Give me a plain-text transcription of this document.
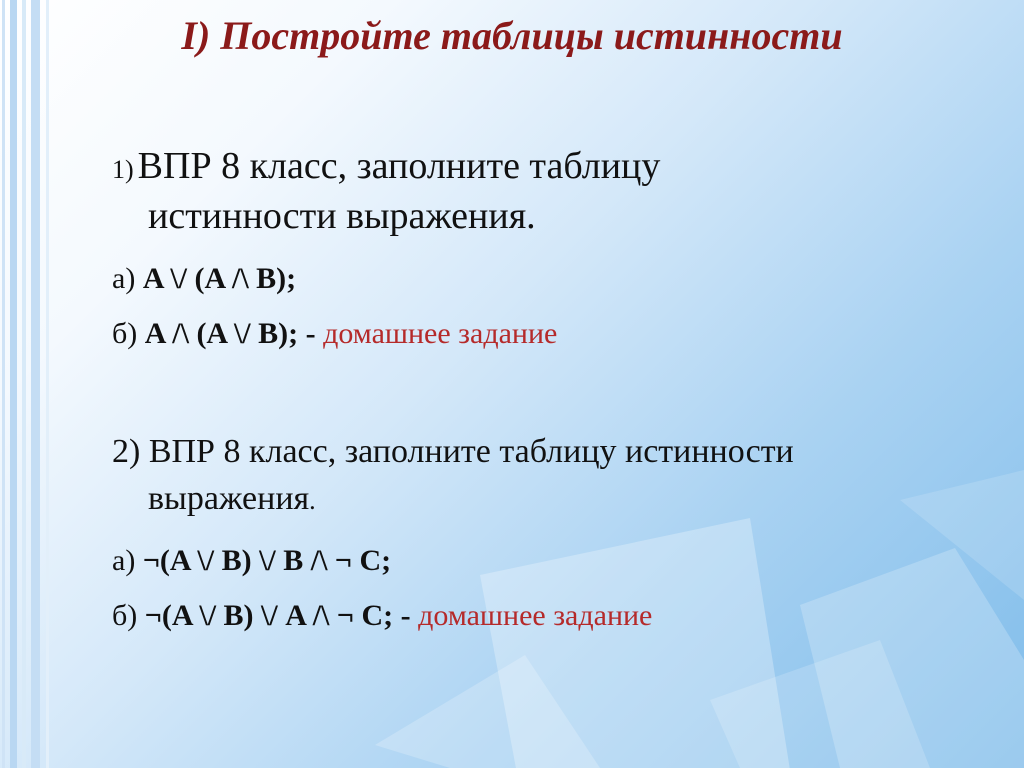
I) Постройте таблицы истинности
1) ВПР 8 класс, заполните таблицу
истинности выражения.
а) A \/ (A /\ B);
б) A /\ (A \/ B); - домашнее задание
2) ВПР 8 класс, заполните таблицу истинности
выражения.
а) ¬(A \/ B) \/ B /\ ¬ C;
б) ¬(A \/ B) \/ A /\ ¬ C; - домашнее задание
